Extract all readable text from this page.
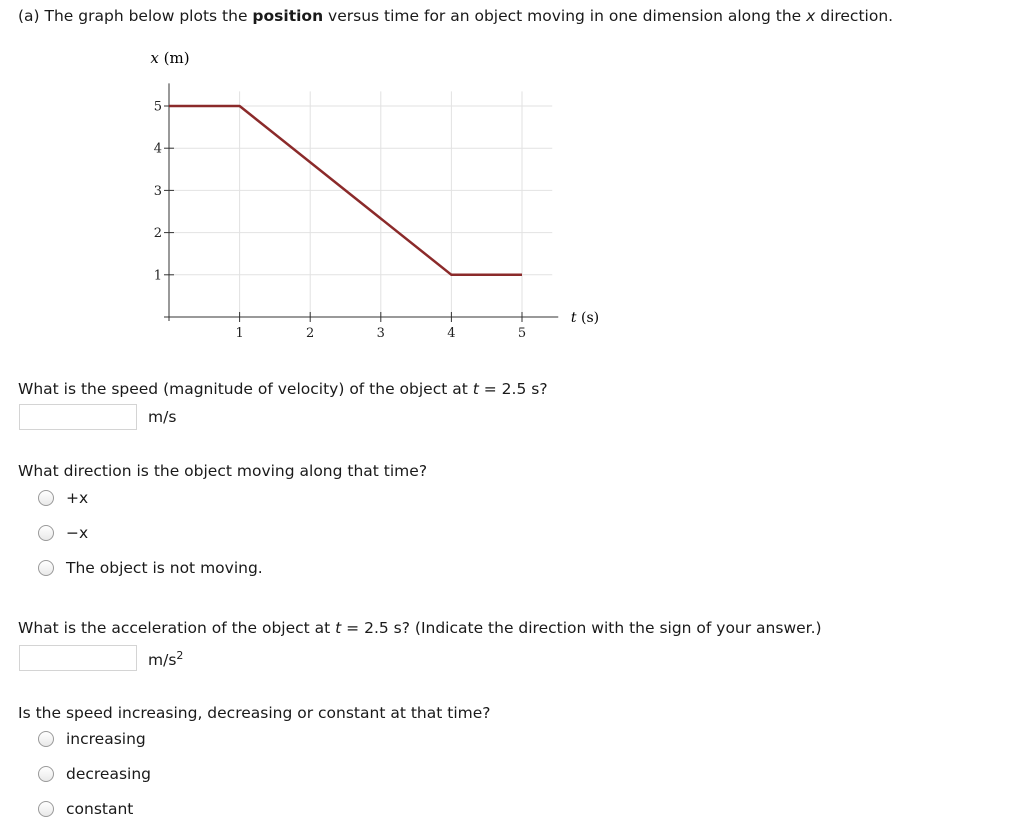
(a) The graph below plots the position versus time for an object moving in one dimension along the x direction.
1	2	3	4	5
1
2
3
4
5
x (m)
t (s)
What is the speed (magnitude of velocity) of the object at t = 2.5 s?
m/s
What direction is the object moving along that time?
+x
−x
The object is not moving.
What is the acceleration of the object at t = 2.5 s? (Indicate the direction with the sign of your answer.)
$m/s^2$
Is the speed increasing, decreasing or constant at that time?
increasing
decreasing
constant
